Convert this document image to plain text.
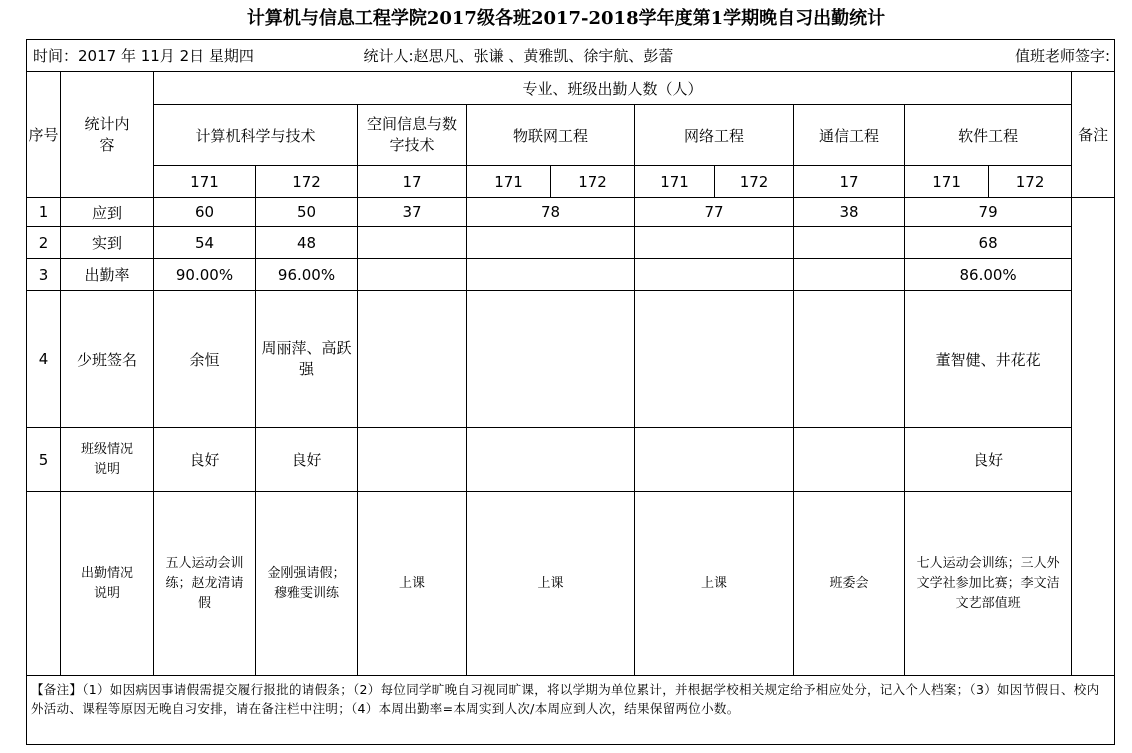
计算机与信息工程学院2017级各班2017-2018学年度第1学期晚自习出勤统计
时间：2017 年 11月 2日 星期四				统计人:赵思凡、张谦 、黄雅凯、徐宇航、彭蕾						值班老师签字:		
序号	统计内容	专业、班级出勤人数（人）										备注
		计算机科学与技术		空间信息与数字技术	物联网工程		网络工程		通信工程	软件工程		
		171	172	17	171	172	171	172	17	171	172	
1	应到	60	50	37	78		77		38	79		
2	实到	54	48							68		
3	出勤率	90.00%	96.00%							86.00%		
4	少班签名	余恒	周丽萍、高跃强							董智健、井花花		
5	班级情况说明	良好	良好							良好		
	出勤情况说明	五人运动会训练；赵龙清请假	金刚强请假；穆雅雯训练	上课	上课		上课		班委会	七人运动会训练；三人外文学社参加比赛；李文洁文艺部值班		
【备注】（1）如因病因事请假需提交履行报批的请假条；（2）每位同学旷晚自习视同旷课，将以学期为单位累计，并根据学校相关规定给予相应处分，记入个人档案；（3）如因节假日、校内外活动、课程等原因无晚自习安排，请在备注栏中注明；（4）本周出勤率=本周实到人次/本周应到人次，结果保留两位小数。												
